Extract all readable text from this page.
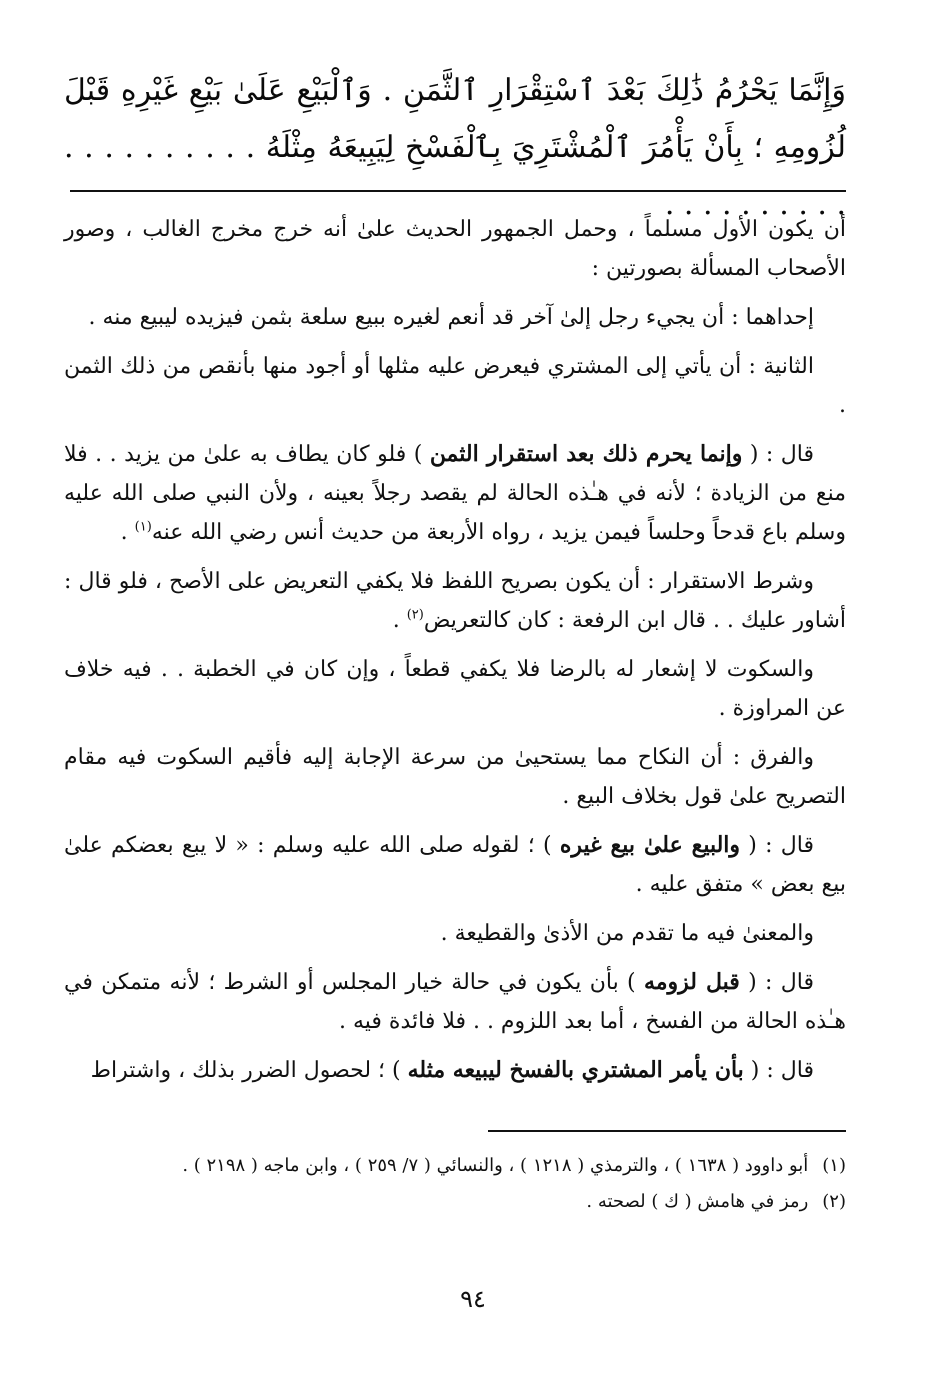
وَإِنَّمَا يَحْرُمُ ذَٰلِكَ بَعْدَ ٱسْتِقْرَارِ ٱلثَّمَنِ . وَٱلْبَيْعِ عَلَىٰ بَيْعِ غَيْرِهِ قَبْلَ لُزُومِهِ ؛ بِأَنْ يَأْمُرَ ٱلْمُشْتَرِيَ بِٱلْفَسْخِ لِيَبِيعَهُ مِثْلَهُ . . . . . . . . . . . . . . . . . . . .

أن يكون الأول مسلماً ، وحمل الجمهور الحديث علىٰ أنه خرج مخرج الغالب ، وصور الأصحاب المسألة بصورتين :

إحداهما : أن يجيء رجل إلىٰ آخر قد أنعم لغيره ببيع سلعة بثمن فيزيده ليبيع منه .

الثانية : أن يأتي إلى المشتري فيعرض عليه مثلها أو أجود منها بأنقص من ذلك الثمن .

قال : ( وإنما يحرم ذلك بعد استقرار الثمن ) فلو كان يطاف به علىٰ من يزيد . . فلا منع من الزيادة ؛ لأنه في هـٰذه الحالة لم يقصد رجلاً بعينه ، ولأن النبي صلى الله عليه وسلم باع قدحاً وحلساً فيمن يزيد ، رواه الأربعة من حديث أنس رضي الله عنه$^{(١)}$ .

وشرط الاستقرار : أن يكون بصريح اللفظ فلا يكفي التعريض على الأصح ، فلو قال : أشاور عليك . . قال ابن الرفعة : كان كالتعريض$^{(٢)}$ .

والسكوت لا إشعار له بالرضا فلا يكفي قطعاً ، وإن كان في الخطبة . . فيه خلاف عن المراوزة .

والفرق : أن النكاح مما يستحيىٰ من سرعة الإجابة إليه فأقيم السكوت فيه مقام التصريح علىٰ قول بخلاف البيع .

قال : ( والبيع علىٰ بيع غيره ) ؛ لقوله صلى الله عليه وسلم : « لا يبع بعضكم علىٰ بيع بعض » متفق عليه .

والمعنىٰ فيه ما تقدم من الأذىٰ والقطيعة .

قال : ( قبل لزومه ) بأن يكون في حالة خيار المجلس أو الشرط ؛ لأنه متمكن في هـٰذه الحالة من الفسخ ، أما بعد اللزوم . . فلا فائدة فيه .

قال : ( بأن يأمر المشتري بالفسخ ليبيعه مثله ) ؛ لحصول الضرر بذلك ، واشتراط

(١)
أبو داوود ( ١٦٣٨ ) ، والترمذي ( ١٢١٨ ) ، والنسائي ( ٧/ ٢٥٩ ) ، وابن ماجه ( ٢١٩٨ ) .
(٢)
رمز في هامش ( ك ) لصحته .
٩٤
